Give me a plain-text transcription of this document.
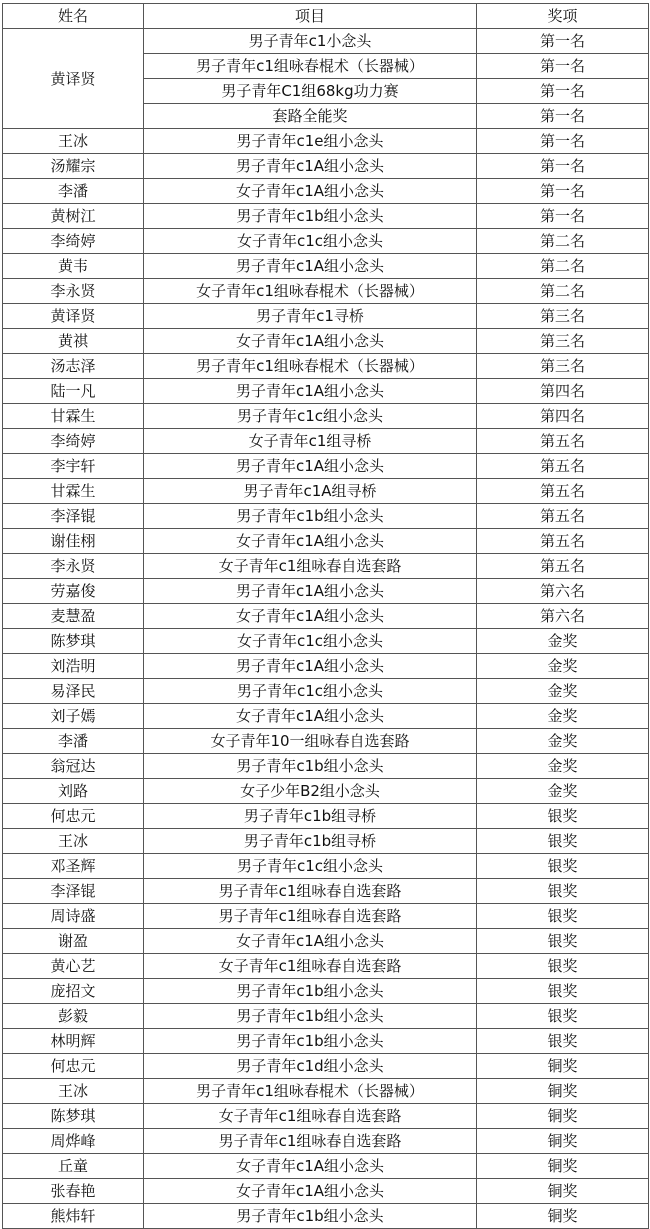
姓名	项目	奖项
黄译贤	男子青年c1小念头	第一名
	男子青年c1组咏春棍术（长器械）	第一名
	男子青年C1组68kg功力赛	第一名
	套路全能奖	第一名
王冰	男子青年c1e组小念头	第一名
汤耀宗	男子青年c1A组小念头	第一名
李潘	女子青年c1A组小念头	第一名
黄树江	男子青年c1b组小念头	第一名
李绮婷	女子青年c1c组小念头	第二名
黄韦	男子青年c1A组小念头	第二名
李永贤	女子青年c1组咏春棍术（长器械）	第二名
黄译贤	男子青年c1寻桥	第三名
黄祺	女子青年c1A组小念头	第三名
汤志泽	男子青年c1组咏春棍术（长器械）	第三名
陆一凡	男子青年c1A组小念头	第四名
甘霖生	男子青年c1c组小念头	第四名
李绮婷	女子青年c1组寻桥	第五名
李宇轩	男子青年c1A组小念头	第五名
甘霖生	男子青年c1A组寻桥	第五名
李泽锟	男子青年c1b组小念头	第五名
谢佳栩	女子青年c1A组小念头	第五名
李永贤	女子青年c1组咏春自选套路	第五名
劳嘉俊	男子青年c1A组小念头	第六名
麦慧盈	女子青年c1A组小念头	第六名
陈梦琪	女子青年c1c组小念头	金奖
刘浩明	男子青年c1A组小念头	金奖
易泽民	男子青年c1c组小念头	金奖
刘子嫣	女子青年c1A组小念头	金奖
李潘	女子青年10一组咏春自选套路	金奖
翁冠达	男子青年c1b组小念头	金奖
刘路	女子少年B2组小念头	金奖
何忠元	男子青年c1b组寻桥	银奖
王冰	男子青年c1b组寻桥	银奖
邓圣辉	男子青年c1c组小念头	银奖
李泽锟	男子青年c1组咏春自选套路	银奖
周诗盛	男子青年c1组咏春自选套路	银奖
谢盈	女子青年c1A组小念头	银奖
黄心艺	女子青年c1组咏春自选套路	银奖
庞招文	男子青年c1b组小念头	银奖
彭毅	男子青年c1b组小念头	银奖
林明辉	男子青年c1b组小念头	银奖
何忠元	男子青年c1d组小念头	铜奖
王冰	男子青年c1组咏春棍术（长器械）	铜奖
陈梦琪	女子青年c1组咏春自选套路	铜奖
周烨峰	男子青年c1组咏春自选套路	铜奖
丘童	女子青年c1A组小念头	铜奖
张春艳	女子青年c1A组小念头	铜奖
熊炜轩	男子青年c1b组小念头	铜奖
